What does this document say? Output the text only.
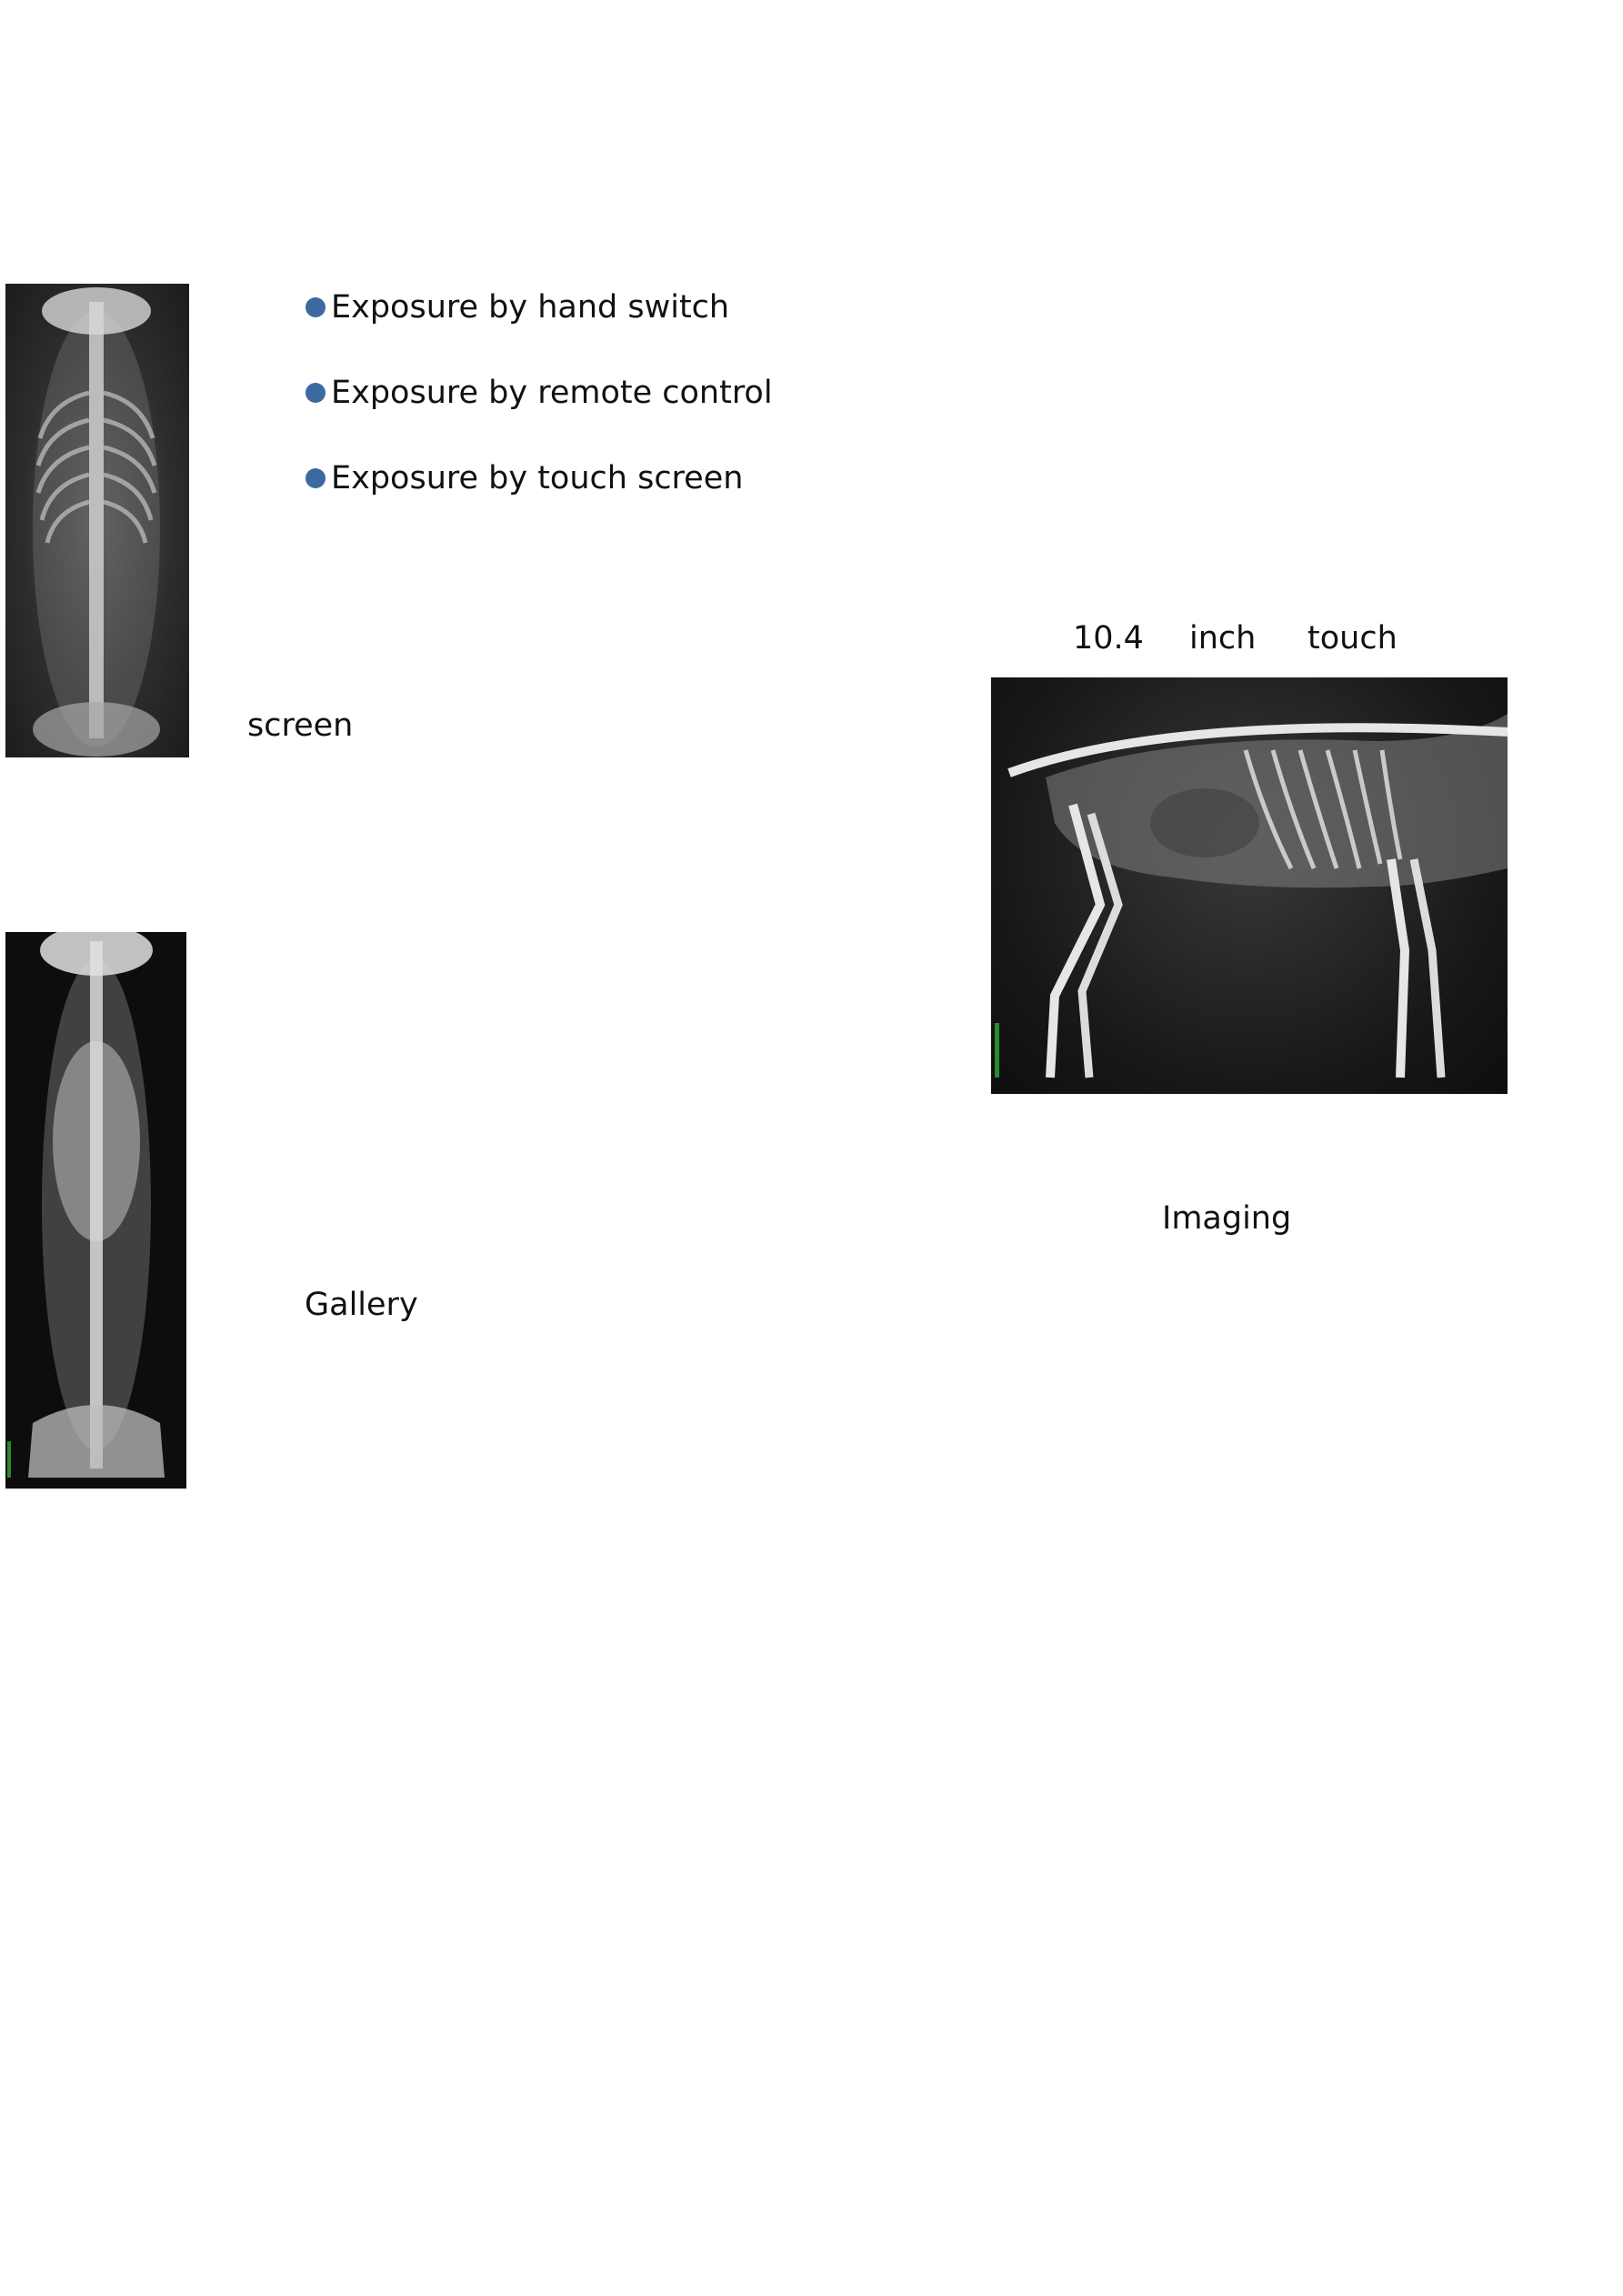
Exposure by hand switch
Exposure by remote control
Exposure by touch screen
10.4 inch touch
screen
Imaging
Gallery
